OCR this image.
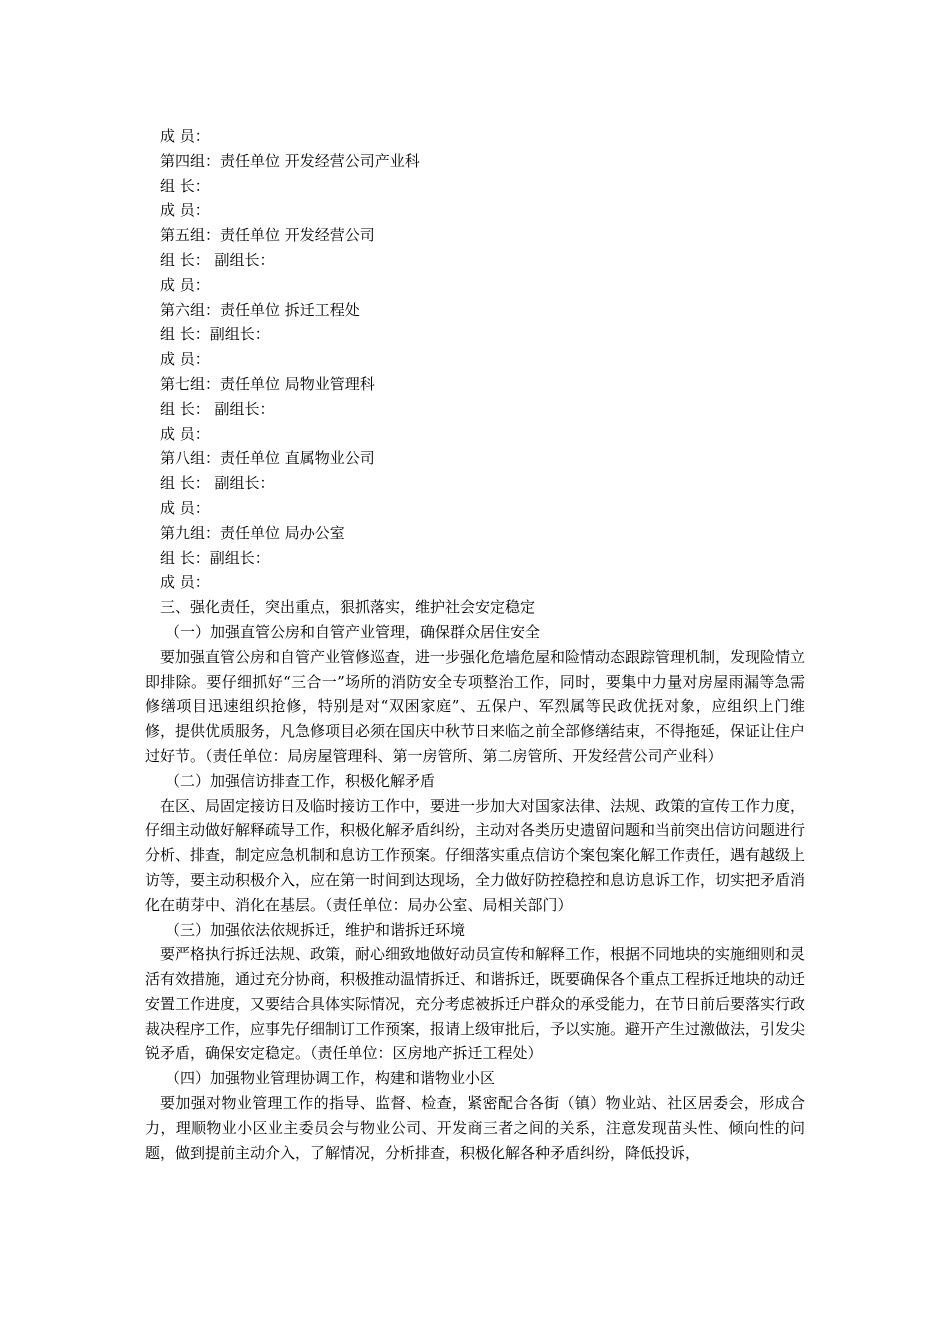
成 员：
第四组：责任单位 开发经营公司产业科
组 长：
成 员：
第五组：责任单位 开发经营公司
组 长： 副组长：
成 员：
第六组：责任单位 拆迁工程处
组 长：副组长：
成 员：
第七组：责任单位 局物业管理科
组 长： 副组长：
成 员：
第八组：责任单位 直属物业公司
组 长： 副组长：
成 员：
第九组：责任单位 局办公室
组 长：副组长：
成 员：
三、强化责任，突出重点，狠抓落实，维护社会安定稳定
（一）加强直管公房和自管产业管理，确保群众居住安全
要加强直管公房和自管产业管修巡查，进一步强化危墙危屋和险情动态跟踪管理机制，发现险情立即排除。要仔细抓好“三合一”场所的消防安全专项整治工作，同时，要集中力量对房屋雨漏等急需修缮项目迅速组织抢修，特别是对“双困家庭”、五保户、军烈属等民政优抚对象，应组织上门维修，提供优质服务，凡急修项目必须在国庆中秋节日来临之前全部修缮结束，不得拖延，保证让住户过好节。（责任单位：局房屋管理科、第一房管所、第二房管所、开发经营公司产业科）
（二）加强信访排查工作，积极化解矛盾
在区、局固定接访日及临时接访工作中，要进一步加大对国家法律、法规、政策的宣传工作力度，仔细主动做好解释疏导工作，积极化解矛盾纠纷，主动对各类历史遗留问题和当前突出信访问题进行分析、排查，制定应急机制和息访工作预案。仔细落实重点信访个案包案化解工作责任，遇有越级上访等，要主动积极介入，应在第一时间到达现场，全力做好防控稳控和息访息诉工作，切实把矛盾消化在萌芽中、消化在基层。（责任单位：局办公室、局相关部门）
（三）加强依法依规拆迁，维护和谐拆迁环境
要严格执行拆迁法规、政策，耐心细致地做好动员宣传和解释工作，根据不同地块的实施细则和灵活有效措施，通过充分协商，积极推动温情拆迁、和谐拆迁，既要确保各个重点工程拆迁地块的动迁安置工作进度，又要结合具体实际情况，充分考虑被拆迁户群众的承受能力，在节日前后要落实行政裁决程序工作，应事先仔细制订工作预案，报请上级审批后，予以实施。避开产生过激做法，引发尖锐矛盾，确保安定稳定。（责任单位：区房地产拆迁工程处）
（四）加强物业管理协调工作，构建和谐物业小区
要加强对物业管理工作的指导、监督、检查，紧密配合各街（镇）物业站、社区居委会，形成合力，理顺物业小区业主委员会与物业公司、开发商三者之间的关系，注意发现苗头性、倾向性的问题，做到提前主动介入，了解情况，分析排查，积极化解各种矛盾纠纷，降低投诉，
